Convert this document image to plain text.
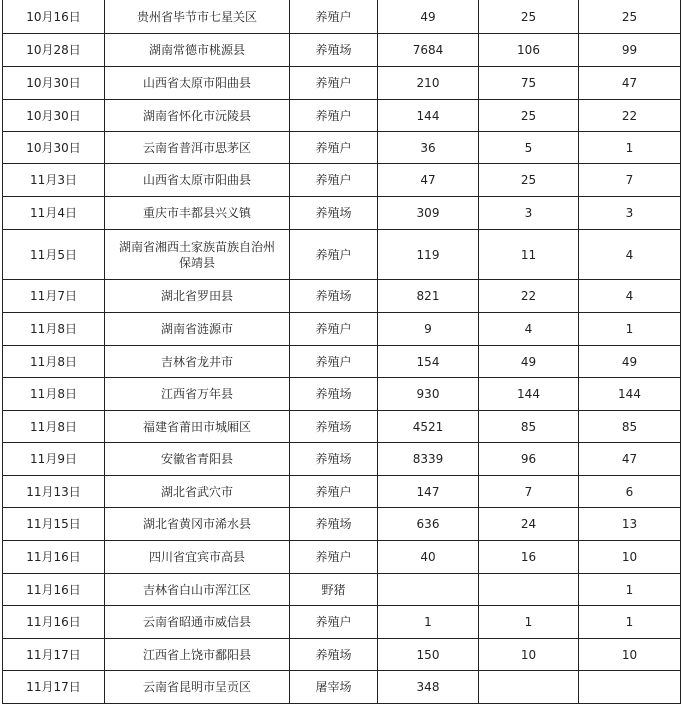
10月16日	贵州省毕节市七星关区	养殖户	49	25	25
10月28日	湖南常德市桃源县	养殖场	7684	106	99
10月30日	山西省太原市阳曲县	养殖户	210	75	47
10月30日	湖南省怀化市沅陵县	养殖户	144	25	22
10月30日	云南省普洱市思茅区	养殖户	36	5	1
11月3日	山西省太原市阳曲县	养殖户	47	25	7
11月4日	重庆市丰都县兴义镇	养殖场	309	3	3
11月5日	湖南省湘西土家族苗族自治州保靖县	养殖户	119	11	4
11月7日	湖北省罗田县	养殖场	821	22	4
11月8日	湖南省涟源市	养殖户	9	4	1
11月8日	吉林省龙井市	养殖户	154	49	49
11月8日	江西省万年县	养殖场	930	144	144
11月8日	福建省莆田市城厢区	养殖场	4521	85	85
11月9日	安徽省青阳县	养殖场	8339	96	47
11月13日	湖北省武穴市	养殖户	147	7	6
11月15日	湖北省黄冈市浠水县	养殖场	636	24	13
11月16日	四川省宜宾市高县	养殖户	40	16	10
11月16日	吉林省白山市浑江区	野猪			1
11月16日	云南省昭通市威信县	养殖户	1	1	1
11月17日	江西省上饶市鄱阳县	养殖场	150	10	10
11月17日	云南省昆明市呈贡区	屠宰场	348		
